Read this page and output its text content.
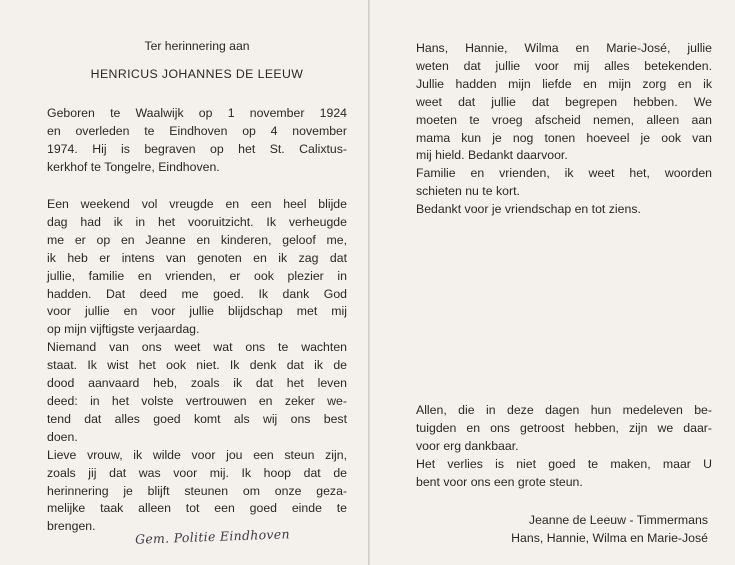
Ter herinnering aan
HENRICUS JOHANNES DE LEEUW
Geboren te Waalwijk op 1 november 1924
en overleden te Eindhoven op 4 november
1974. Hij is begraven op het St. Calixtus-
kerkhof te Tongelre, Eindhoven.
Een weekend vol vreugde en een heel blijde
dag had ik in het vooruitzicht. Ik verheugde
me er op en Jeanne en kinderen, geloof me,
ik heb er intens van genoten en ik zag dat
jullie, familie en vrienden, er ook plezier in
hadden. Dat deed me goed. Ik dank God
voor jullie en voor jullie blijdschap met mij
op mijn vijftigste verjaardag.
Niemand van ons weet wat ons te wachten
staat. Ik wist het ook niet. Ik denk dat ik de
dood aanvaard heb, zoals ik dat het leven
deed: in het volste vertrouwen en zeker we-
tend dat alles goed komt als wij ons best
doen.
Lieve vrouw, ik wilde voor jou een steun zijn,
zoals jij dat was voor mij. Ik hoop dat de
herinnering je blijft steunen om onze geza-
melijke taak alleen tot een goed einde te
brengen.	Gem. Politie Eindhoven
Hans, Hannie, Wilma en Marie-José, jullie
weten dat jullie voor mij alles betekenden.
Jullie hadden mijn liefde en mijn zorg en ik
weet dat jullie dat begrepen hebben. We
moeten te vroeg afscheid nemen, alleen aan
mama kun je nog tonen hoeveel je ook van
mij hield. Bedankt daarvoor.
Familie en vrienden, ik weet het, woorden
schieten nu te kort.
Bedankt voor je vriendschap en tot ziens.
Allen, die in deze dagen hun medeleven be-
tuigden en ons getroost hebben, zijn we daar-
voor erg dankbaar.
Het verlies is niet goed te maken, maar U
bent voor ons een grote steun.
Jeanne de Leeuw - Timmermans
Hans, Hannie, Wilma en Marie-José
